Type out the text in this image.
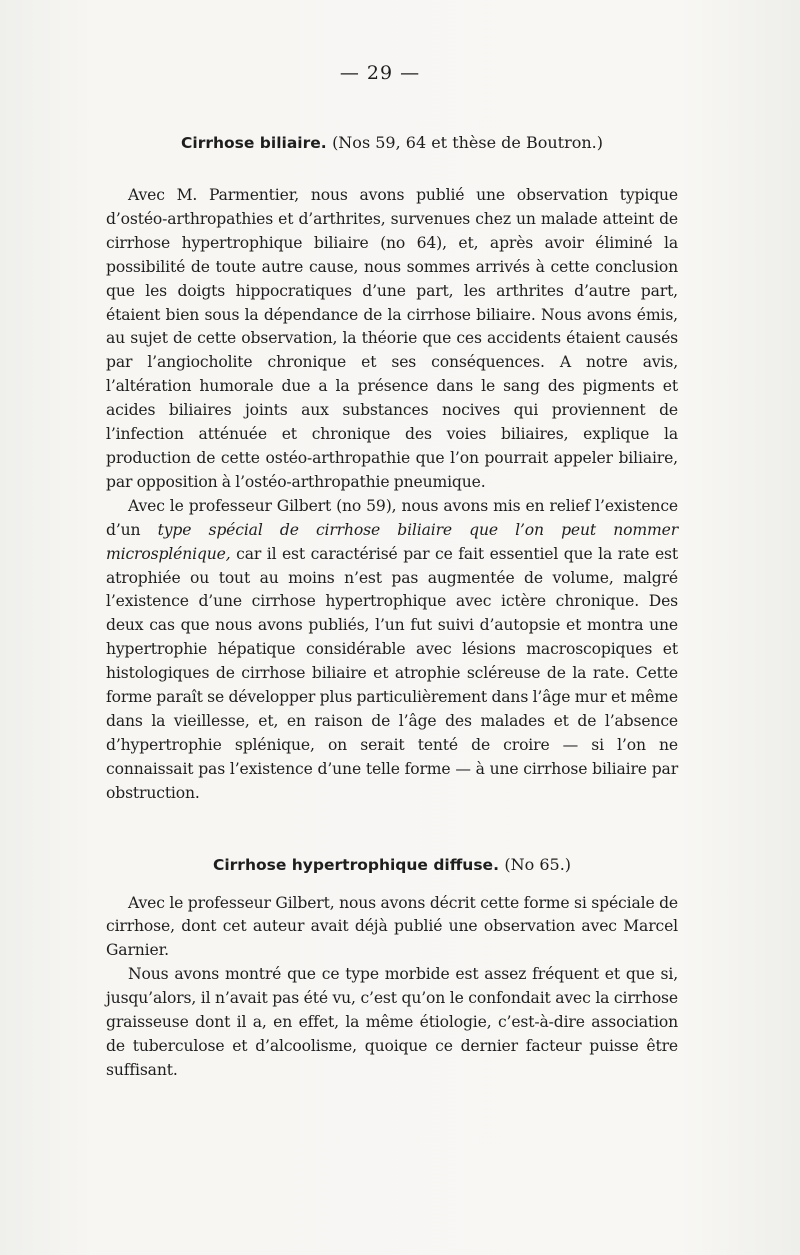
— 29 —
Cirrhose biliaire. (Nos 59, 64 et thèse de Boutron.)

Avec M. Parmentier, nous avons publié une observation typique d’ostéo-arthropathies et d’arthrites, survenues chez un malade atteint de cirrhose hypertrophique biliaire (no 64), et, après avoir éliminé la possibilité de toute autre cause, nous sommes arrivés à cette conclusion que les doigts hippocratiques d’une part, les arthrites d’autre part, étaient bien sous la dépendance de la cirrhose biliaire. Nous avons émis, au sujet de cette observation, la théorie que ces accidents étaient causés par l’angiocholite chronique et ses conséquences. A notre avis, l’altération humorale due a la présence dans le sang des pigments et acides biliaires joints aux substances nocives qui proviennent de l’infection atténuée et chronique des voies biliaires, explique la production de cette ostéo-arthropathie que l’on pourrait appeler biliaire, par opposition à l’ostéo-arthropathie pneumique.

Avec le professeur Gilbert (no 59), nous avons mis en relief l’existence d’un type spécial de cirrhose biliaire que l’on peut nommer microsplénique, car il est caractérisé par ce fait essentiel que la rate est atrophiée ou tout au moins n’est pas augmentée de volume, malgré l’existence d’une cirrhose hypertrophique avec ictère chronique. Des deux cas que nous avons publiés, l’un fut suivi d’autopsie et montra une hypertrophie hépatique considérable avec lésions macroscopiques et histologiques de cirrhose biliaire et atrophie scléreuse de la rate. Cette forme paraît se développer plus particulièrement dans l’âge mur et même dans la vieillesse, et, en raison de l’âge des malades et de l’absence d’hypertrophie splénique, on serait tenté de croire — si l’on ne connaissait pas l’existence d’une telle forme — à une cirrhose biliaire par obstruction.

Cirrhose hypertrophique diffuse. (No 65.)

Avec le professeur Gilbert, nous avons décrit cette forme si spéciale de cirrhose, dont cet auteur avait déjà publié une observation avec Marcel Garnier.

Nous avons montré que ce type morbide est assez fréquent et que si, jusqu’alors, il n’avait pas été vu, c’est qu’on le confondait avec la cirrhose graisseuse dont il a, en effet, la même étiologie, c’est-à-dire association de tuberculose et d’alcoolisme, quoique ce dernier facteur puisse être suffisant.
